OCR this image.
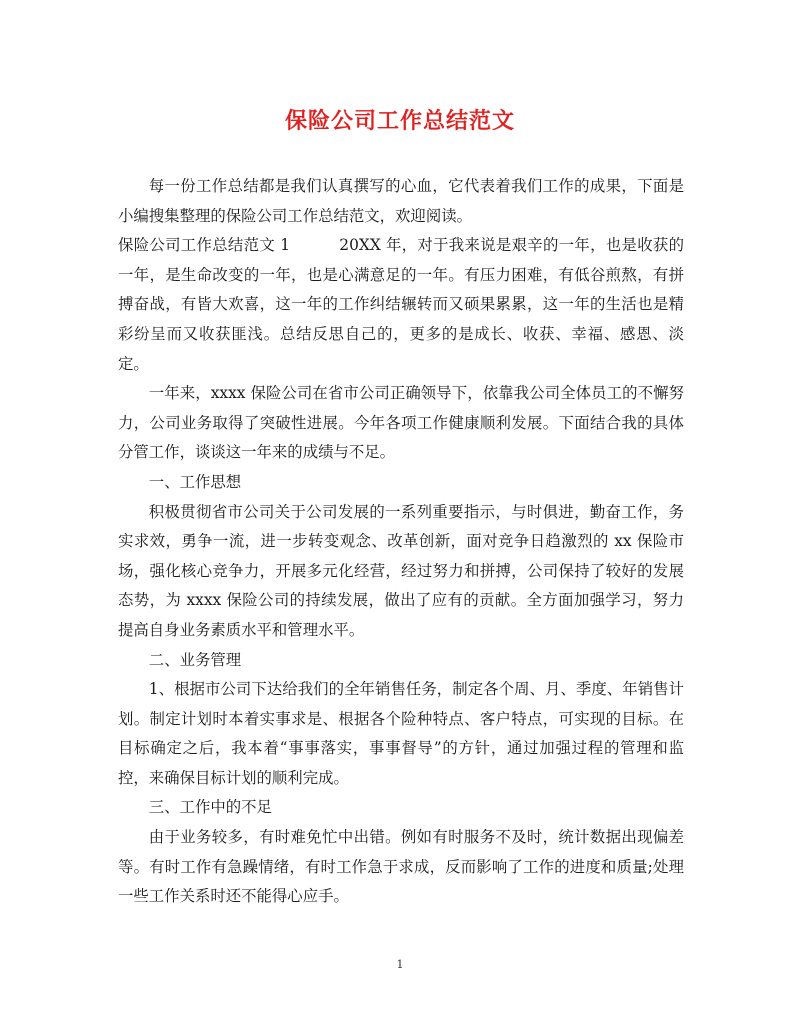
保险公司工作总结范文

每一份工作总结都是我们认真撰写的心血，它代表着我们工作的成果，下面是小编搜集整理的保险公司工作总结范文，欢迎阅读。

保险公司工作总结范文 1	20XX 年，对于我来说是艰辛的一年，也是收获的一年，是生命改变的一年，也是心满意足的一年。有压力困难，有低谷煎熬，有拼搏奋战，有皆大欢喜，这一年的工作纠结辗转而又硕果累累，这一年的生活也是精彩纷呈而又收获匪浅。总结反思自己的，更多的是成长、收获、幸福、感恩、淡定。

一年来，xxxx 保险公司在省市公司正确领导下，依靠我公司全体员工的不懈努力，公司业务取得了突破性进展。今年各项工作健康顺利发展。下面结合我的具体分管工作，谈谈这一年来的成绩与不足。

一、工作思想

积极贯彻省市公司关于公司发展的一系列重要指示，与时俱进，勤奋工作，务实求效，勇争一流，进一步转变观念、改革创新，面对竞争日趋激烈的 xx 保险市场，强化核心竞争力，开展多元化经营，经过努力和拼搏，公司保持了较好的发展态势，为 xxxx 保险公司的持续发展，做出了应有的贡献。全方面加强学习，努力提高自身业务素质水平和管理水平。

二、业务管理

1、根据市公司下达给我们的全年销售任务，制定各个周、月、季度、年销售计划。制定计划时本着实事求是、根据各个险种特点、客户特点，可实现的目标。在目标确定之后，我本着“事事落实，事事督导”的方针，通过加强过程的管理和监控，来确保目标计划的顺利完成。

三、工作中的不足

由于业务较多，有时难免忙中出错。例如有时服务不及时，统计数据出现偏差等。有时工作有急躁情绪，有时工作急于求成，反而影响了工作的进度和质量;处理一些工作关系时还不能得心应手。

1
